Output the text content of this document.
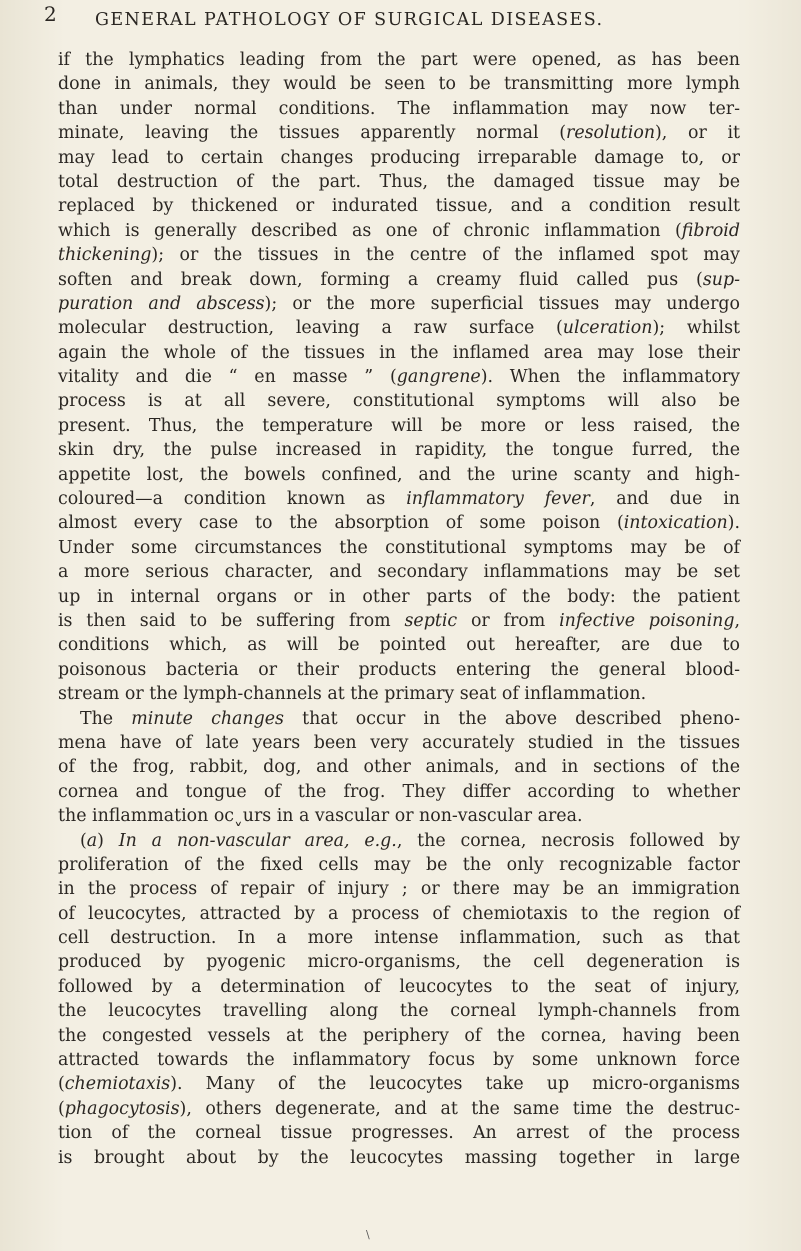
2 GENERAL PATHOLOGY OF SURGICAL DISEASES.
if the lymphatics leading from the part were opened, as has been
done in animals, they would be seen to be transmitting more lymph
than under normal conditions. The inflammation may now ter-
minate, leaving the tissues apparently normal (resolution), or it
may lead to certain changes producing irreparable damage to, or
total destruction of the part. Thus, the damaged tissue may be
replaced by thickened or indurated tissue, and a condition result
which is generally described as one of chronic inflammation (fibroid
thickening); or the tissues in the centre of the inflamed spot may
soften and break down, forming a creamy fluid called pus (sup-
puration and abscess); or the more superficial tissues may undergo
molecular destruction, leaving a raw surface (ulceration); whilst
again the whole of the tissues in the inflamed area may lose their
vitality and die “ en masse ” (gangrene). When the inflammatory
process is at all severe, constitutional symptoms will also be
present. Thus, the temperature will be more or less raised, the
skin dry, the pulse increased in rapidity, the tongue furred, the
appetite lost, the bowels confined, and the urine scanty and high-
coloured—a condition known as inflammatory fever, and due in
almost every case to the absorption of some poison (intoxication).
Under some circumstances the constitutional symptoms may be of
a more serious character, and secondary inflammations may be set
up in internal organs or in other parts of the body: the patient
is then said to be suffering from septic or from infective poisoning,
conditions which, as will be pointed out hereafter, are due to
poisonous bacteria or their products entering the general blood-
stream or the lymph-channels at the primary seat of inflammation.
The minute changes that occur in the above described pheno-
mena have of late years been very accurately studied in the tissues
of the frog, rabbit, dog, and other animals, and in sections of the
cornea and tongue of the frog. They differ according to whether
the inflammation ocˬurs in a vascular or non-vascular area.
(a) In a non-vascular area, e.g., the cornea, necrosis followed by
proliferation of the fixed cells may be the only recognizable factor
in the process of repair of injury ; or there may be an immigration
of leucocytes, attracted by a process of chemiotaxis to the region of
cell destruction. In a more intense inflammation, such as that
produced by pyogenic micro-organisms, the cell degeneration is
followed by a determination of leucocytes to the seat of injury,
the leucocytes travelling along the corneal lymph-channels from
the congested vessels at the periphery of the cornea, having been
attracted towards the inflammatory focus by some unknown force
(chemiotaxis). Many of the leucocytes take up micro-organisms
(phagocytosis), others degenerate, and at the same time the destruc-
tion of the corneal tissue progresses. An arrest of the process
is brought about by the leucocytes massing together in large
\
